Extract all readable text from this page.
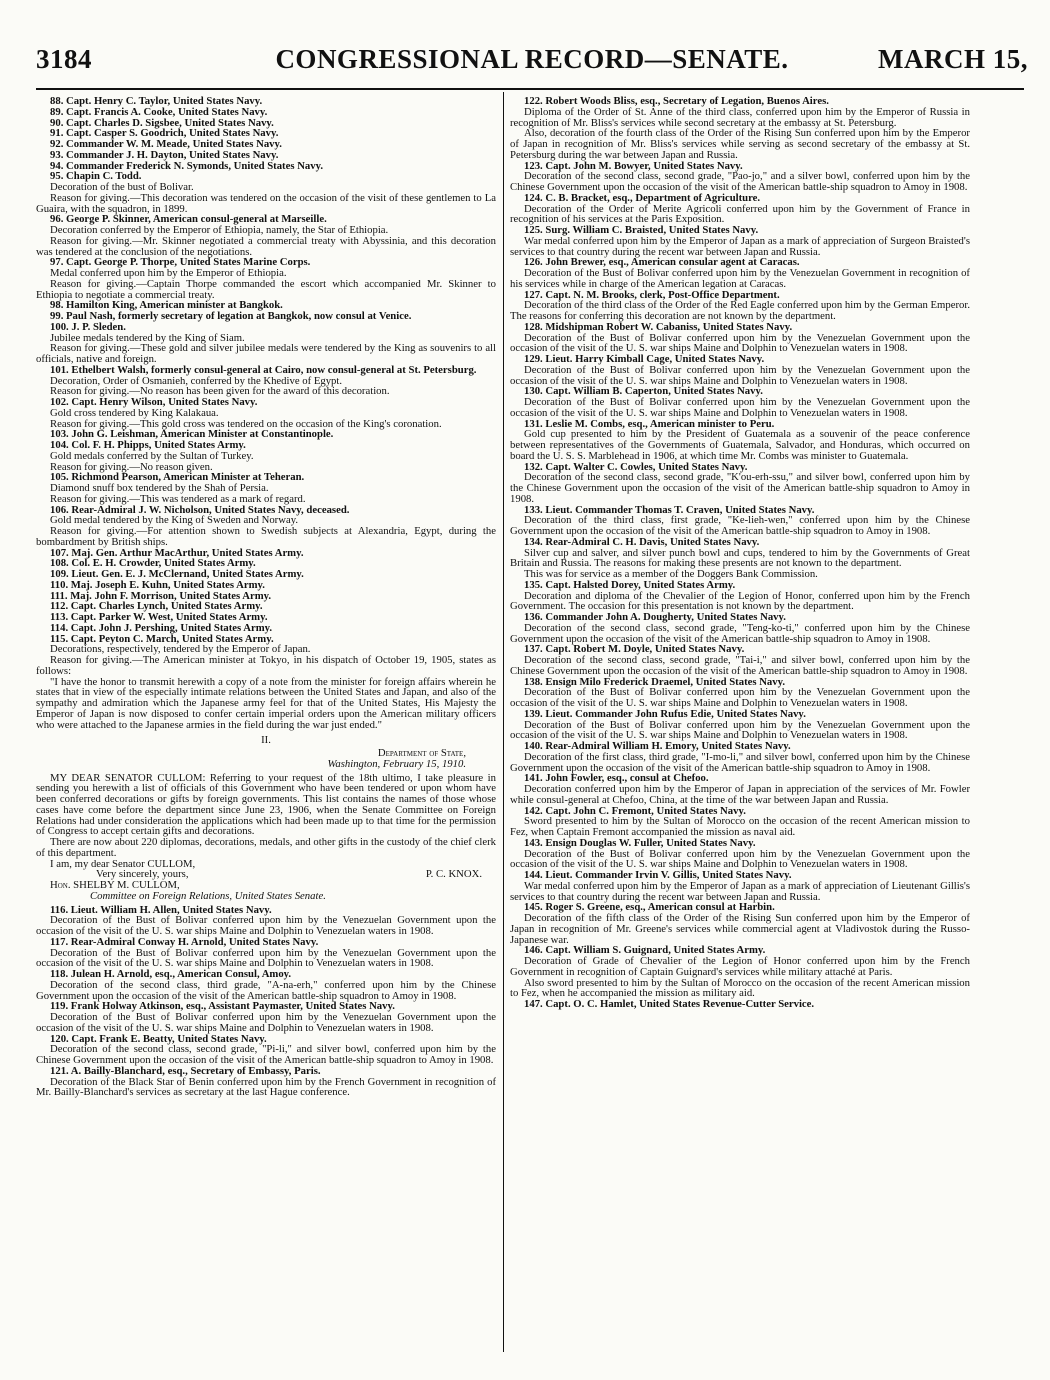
3184	CONGRESSIONAL RECORD—SENATE.	MARCH 15,

88. Capt. Henry C. Taylor, United States Navy.

89. Capt. Francis A. Cooke, United States Navy.

90. Capt. Charles D. Sigsbee, United States Navy.

91. Capt. Casper S. Goodrich, United States Navy.

92. Commander W. M. Meade, United States Navy.

93. Commander J. H. Dayton, United States Navy.

94. Commander Frederick N. Symonds, United States Navy.

95. Chapin C. Todd.

Decoration of the bust of Bolivar.

Reason for giving.—This decoration was tendered on the occasion of the visit of these gentlemen to La Guaira, with the squadron, in 1899.

96. George P. Skinner, American consul-general at Marseille.

Decoration conferred by the Emperor of Ethiopia, namely, the Star of Ethiopia.

Reason for giving.—Mr. Skinner negotiated a commercial treaty with Abyssinia, and this decoration was tendered at the conclusion of the negotiations.

97. Capt. George P. Thorpe, United States Marine Corps.

Medal conferred upon him by the Emperor of Ethiopia.

Reason for giving.—Captain Thorpe commanded the escort which accompanied Mr. Skinner to Ethiopia to negotiate a commercial treaty.

98. Hamilton King, American minister at Bangkok.

99. Paul Nash, formerly secretary of legation at Bangkok, now consul at Venice.

100. J. P. Sleden.

Jubilee medals tendered by the King of Siam.

Reason for giving.—These gold and silver jubilee medals were tendered by the King as souvenirs to all officials, native and foreign.

101. Ethelbert Walsh, formerly consul-general at Cairo, now consul-general at St. Petersburg.

Decoration, Order of Osmanieh, conferred by the Khedive of Egypt.

Reason for giving.—No reason has been given for the award of this decoration.

102. Capt. Henry Wilson, United States Navy.

Gold cross tendered by King Kalakaua.

Reason for giving.—This gold cross was tendered on the occasion of the King's coronation.

103. John G. Leishman, American Minister at Constantinople.

104. Col. F. H. Phipps, United States Army.

Gold medals conferred by the Sultan of Turkey.

Reason for giving.—No reason given.

105. Richmond Pearson, American Minister at Teheran.

Diamond snuff box tendered by the Shah of Persia.

Reason for giving.—This was tendered as a mark of regard.

106. Rear-Admiral J. W. Nicholson, United States Navy, deceased.

Gold medal tendered by the King of Sweden and Norway.

Reason for giving.—For attention shown to Swedish subjects at Alexandria, Egypt, during the bombardment by British ships.

107. Maj. Gen. Arthur MacArthur, United States Army.

108. Col. E. H. Crowder, United States Army.

109. Lieut. Gen. E. J. McClernand, United States Army.

110. Maj. Joseph E. Kuhn, United States Army.

111. Maj. John F. Morrison, United States Army.

112. Capt. Charles Lynch, United States Army.

113. Capt. Parker W. West, United States Army.

114. Capt. John J. Pershing, United States Army.

115. Capt. Peyton C. March, United States Army.

Decorations, respectively, tendered by the Emperor of Japan.

Reason for giving.—The American minister at Tokyo, in his dispatch of October 19, 1905, states as follows:

"I have the honor to transmit herewith a copy of a note from the minister for foreign affairs wherein he states that in view of the especially intimate relations between the United States and Japan, and also of the sympathy and admiration which the Japanese army feel for that of the United States, His Majesty the Emperor of Japan is now disposed to confer certain imperial orders upon the American military officers who were attached to the Japanese armies in the field during the war just ended."

II.

Department of State,

Washington, February 15, 1910.

MY DEAR SENATOR CULLOM: Referring to your request of the 18th ultimo, I take pleasure in sending you herewith a list of officials of this Government who have been tendered or upon whom have been conferred decorations or gifts by foreign governments. This list contains the names of those whose cases have come before the department since June 23, 1906, when the Senate Committee on Foreign Relations had under consideration the applications which had been made up to that time for the permission of Congress to accept certain gifts and decorations.

There are now about 220 diplomas, decorations, medals, and other gifts in the custody of the chief clerk of this department.

I am, my dear Senator CULLOM,

Very sincerely, yours,	P. C. KNOX.

Hon. SHELBY M. CULLOM,

Committee on Foreign Relations, United States Senate.

116. Lieut. William H. Allen, United States Navy.

Decoration of the Bust of Bolivar conferred upon him by the Venezuelan Government upon the occasion of the visit of the U. S. war ships Maine and Dolphin to Venezuelan waters in 1908.

117. Rear-Admiral Conway H. Arnold, United States Navy.

Decoration of the Bust of Bolivar conferred upon him by the Venezuelan Government upon the occasion of the visit of the U. S. war ships Maine and Dolphin to Venezuelan waters in 1908.

118. Julean H. Arnold, esq., American Consul, Amoy.

Decoration of the second class, third grade, "A-na-erh," conferred upon him by the Chinese Government upon the occasion of the visit of the American battle-ship squadron to Amoy in 1908.

119. Frank Holway Atkinson, esq., Assistant Paymaster, United States Navy.

Decoration of the Bust of Bolivar conferred upon him by the Venezuelan Government upon the occasion of the visit of the U. S. war ships Maine and Dolphin to Venezuelan waters in 1908.

120. Capt. Frank E. Beatty, United States Navy.

Decoration of the second class, second grade, "Pi-li," and silver bowl, conferred upon him by the Chinese Government upon the occasion of the visit of the American battle-ship squadron to Amoy in 1908.

121. A. Bailly-Blanchard, esq., Secretary of Embassy, Paris.

Decoration of the Black Star of Benin conferred upon him by the French Government in recognition of Mr. Bailly-Blanchard's services as secretary at the last Hague conference.

122. Robert Woods Bliss, esq., Secretary of Legation, Buenos Aires.

Diploma of the Order of St. Anne of the third class, conferred upon him by the Emperor of Russia in recognition of Mr. Bliss's services while second secretary at the embassy at St. Petersburg.

Also, decoration of the fourth class of the Order of the Rising Sun conferred upon him by the Emperor of Japan in recognition of Mr. Bliss's services while serving as second secretary of the embassy at St. Petersburg during the war between Japan and Russia.

123. Capt. John M. Bowyer, United States Navy.

Decoration of the second class, second grade, "Pao-jo," and a silver bowl, conferred upon him by the Chinese Government upon the occasion of the visit of the American battle-ship squadron to Amoy in 1908.

124. C. B. Bracket, esq., Department of Agriculture.

Decoration of the Order of Merite Agricoli conferred upon him by the Government of France in recognition of his services at the Paris Exposition.

125. Surg. William C. Braisted, United States Navy.

War medal conferred upon him by the Emperor of Japan as a mark of appreciation of Surgeon Braisted's services to that country during the recent war between Japan and Russia.

126. John Brewer, esq., American consular agent at Caracas.

Decoration of the Bust of Bolivar conferred upon him by the Venezuelan Government in recognition of his services while in charge of the American legation at Caracas.

127. Capt. N. M. Brooks, clerk, Post-Office Department.

Decoration of the third class of the Order of the Red Eagle conferred upon him by the German Emperor. The reasons for conferring this decoration are not known by the department.

128. Midshipman Robert W. Cabaniss, United States Navy.

Decoration of the Bust of Bolivar conferred upon him by the Venezuelan Government upon the occasion of the visit of the U. S. war ships Maine and Dolphin to Venezuelan waters in 1908.

129. Lieut. Harry Kimball Cage, United States Navy.

Decoration of the Bust of Bolivar conferred upon him by the Venezuelan Government upon the occasion of the visit of the U. S. war ships Maine and Dolphin to Venezuelan waters in 1908.

130. Capt. William B. Caperton, United States Navy.

Decoration of the Bust of Bolivar conferred upon him by the Venezuelan Government upon the occasion of the visit of the U. S. war ships Maine and Dolphin to Venezuelan waters in 1908.

131. Leslie M. Combs, esq., American minister to Peru.

Gold cup presented to him by the President of Guatemala as a souvenir of the peace conference between representatives of the Governments of Guatemala, Salvador, and Honduras, which occurred on board the U. S. S. Marblehead in 1906, at which time Mr. Combs was minister to Guatemala.

132. Capt. Walter C. Cowles, United States Navy.

Decoration of the second class, second grade, "K'ou-erh-ssu," and silver bowl, conferred upon him by the Chinese Government upon the occasion of the visit of the American battle-ship squadron to Amoy in 1908.

133. Lieut. Commander Thomas T. Craven, United States Navy.

Decoration of the third class, first grade, "Ke-lieh-wen," conferred upon him by the Chinese Government upon the occasion of the visit of the American battle-ship squadron to Amoy in 1908.

134. Rear-Admiral C. H. Davis, United States Navy.

Silver cup and salver, and silver punch bowl and cups, tendered to him by the Governments of Great Britain and Russia. The reasons for making these presents are not known to the department.

This was for service as a member of the Doggers Bank Commission.

135. Capt. Halsted Dorey, United States Army.

Decoration and diploma of the Chevalier of the Legion of Honor, conferred upon him by the French Government. The occasion for this presentation is not known by the department.

136. Commander John A. Dougherty, United States Navy.

Decoration of the second class, second grade, "Teng-ko-ti," conferred upon him by the Chinese Government upon the occasion of the visit of the American battle-ship squadron to Amoy in 1908.

137. Capt. Robert M. Doyle, United States Navy.

Decoration of the second class, second grade, "Tai-i," and silver bowl, conferred upon him by the Chinese Government upon the occasion of the visit of the American battle-ship squadron to Amoy in 1908.

138. Ensign Milo Frederick Draemel, United States Navy.

Decoration of the Bust of Bolivar conferred upon him by the Venezuelan Government upon the occasion of the visit of the U. S. war ships Maine and Dolphin to Venezuelan waters in 1908.

139. Lieut. Commander John Rufus Edie, United States Navy.

Decoration of the Bust of Bolivar conferred upon him by the Venezuelan Government upon the occasion of the visit of the U. S. war ships Maine and Dolphin to Venezuelan waters in 1908.

140. Rear-Admiral William H. Emory, United States Navy.

Decoration of the first class, third grade, "I-mo-li," and silver bowl, conferred upon him by the Chinese Government upon the occasion of the visit of the American battle-ship squadron to Amoy in 1908.

141. John Fowler, esq., consul at Chefoo.

Decoration conferred upon him by the Emperor of Japan in appreciation of the services of Mr. Fowler while consul-general at Chefoo, China, at the time of the war between Japan and Russia.

142. Capt. John C. Fremont, United States Navy.

Sword presented to him by the Sultan of Morocco on the occasion of the recent American mission to Fez, when Captain Fremont accompanied the mission as naval aid.

143. Ensign Douglas W. Fuller, United States Navy.

Decoration of the Bust of Bolivar conferred upon him by the Venezuelan Government upon the occasion of the visit of the U. S. war ships Maine and Dolphin to Venezuelan waters in 1908.

144. Lieut. Commander Irvin V. Gillis, United States Navy.

War medal conferred upon him by the Emperor of Japan as a mark of appreciation of Lieutenant Gillis's services to that country during the recent war between Japan and Russia.

145. Roger S. Greene, esq., American consul at Harbin.

Decoration of the fifth class of the Order of the Rising Sun conferred upon him by the Emperor of Japan in recognition of Mr. Greene's services while commercial agent at Vladivostok during the Russo-Japanese war.

146. Capt. William S. Guignard, United States Army.

Decoration of Grade of Chevalier of the Legion of Honor conferred upon him by the French Government in recognition of Captain Guignard's services while military attaché at Paris.

Also sword presented to him by the Sultan of Morocco on the occasion of the recent American mission to Fez, when he accompanied the mission as military aid.

147. Capt. O. C. Hamlet, United States Revenue-Cutter Service.
